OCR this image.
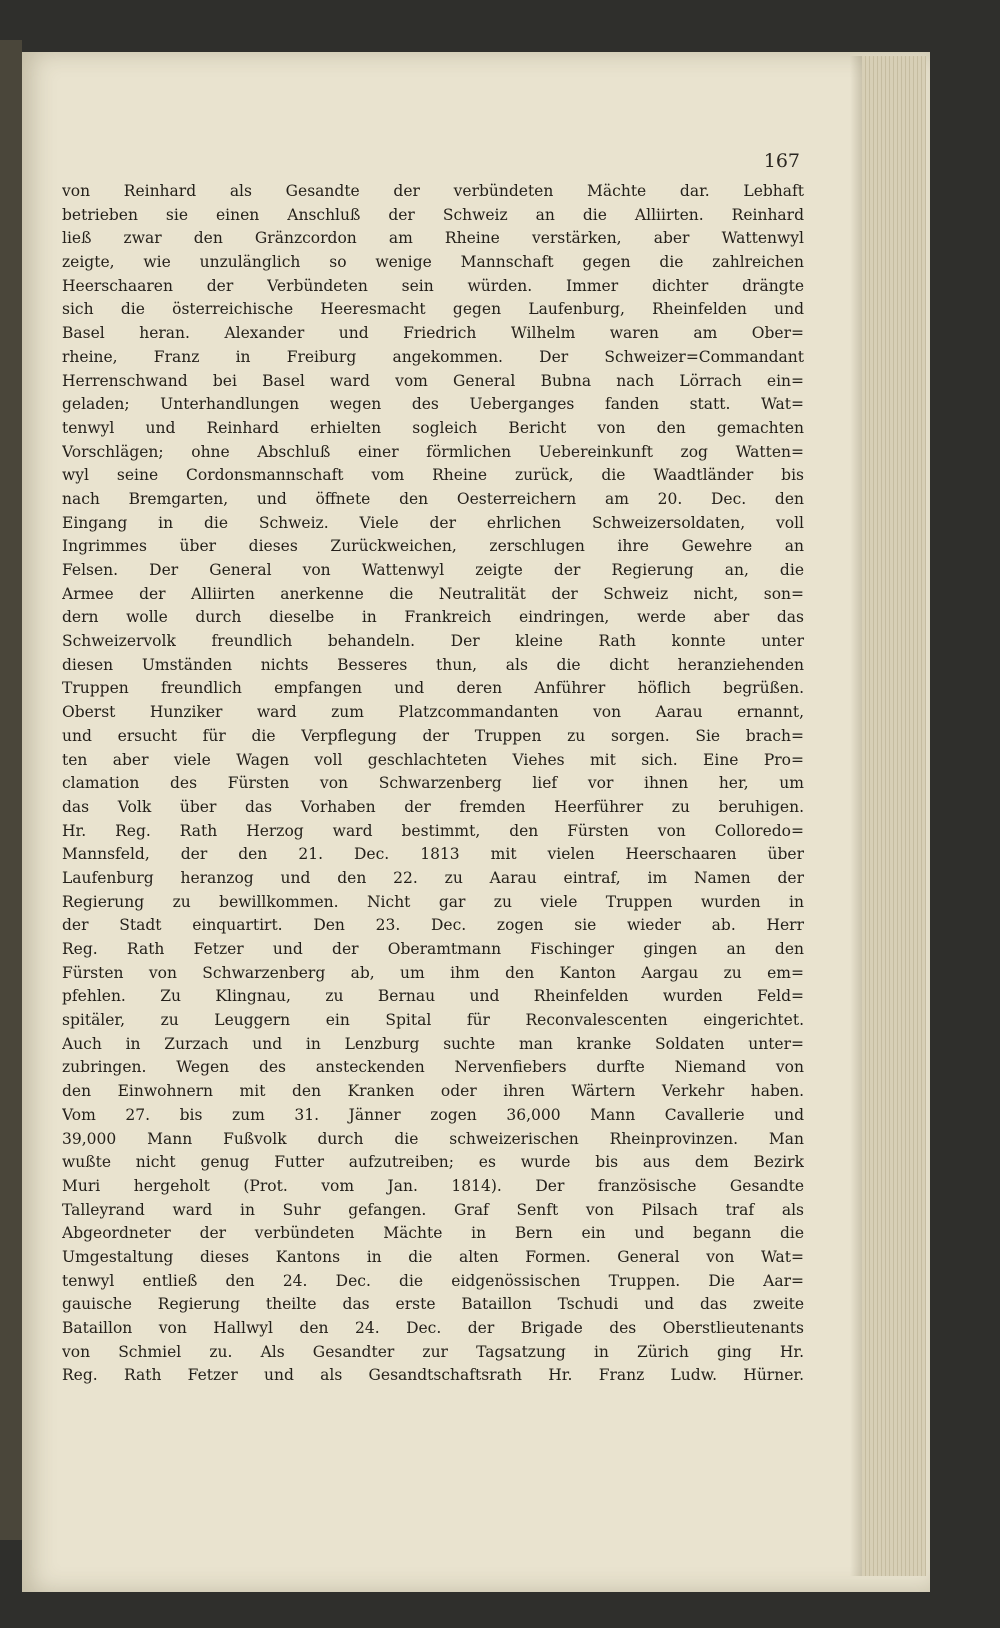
167
von Reinhard als Gesandte der verbündeten Mächte dar. Lebhaft
betrieben sie einen Anschluß der Schweiz an die Alliirten. Reinhard
ließ zwar den Gränzcordon am Rheine verstärken, aber Wattenwyl
zeigte, wie unzulänglich so wenige Mannschaft gegen die zahlreichen
Heerschaaren der Verbündeten sein würden. Immer dichter drängte
sich die österreichische Heeresmacht gegen Laufenburg, Rheinfelden und
Basel heran. Alexander und Friedrich Wilhelm waren am Ober=
rheine, Franz in Freiburg angekommen. Der Schweizer=Commandant
Herrenschwand bei Basel ward vom General Bubna nach Lörrach ein=
geladen; Unterhandlungen wegen des Ueberganges fanden statt. Wat=
tenwyl und Reinhard erhielten sogleich Bericht von den gemachten
Vorschlägen; ohne Abschluß einer förmlichen Uebereinkunft zog Watten=
wyl seine Cordonsmannschaft vom Rheine zurück, die Waadtländer bis
nach Bremgarten, und öffnete den Oesterreichern am 20. Dec. den
Eingang in die Schweiz. Viele der ehrlichen Schweizersoldaten, voll
Ingrimmes über dieses Zurückweichen, zerschlugen ihre Gewehre an
Felsen. Der General von Wattenwyl zeigte der Regierung an, die
Armee der Alliirten anerkenne die Neutralität der Schweiz nicht, son=
dern wolle durch dieselbe in Frankreich eindringen, werde aber das
Schweizervolk freundlich behandeln. Der kleine Rath konnte unter
diesen Umständen nichts Besseres thun, als die dicht heranziehenden
Truppen freundlich empfangen und deren Anführer höflich begrüßen.
Oberst Hunziker ward zum Platzcommandanten von Aarau ernannt,
und ersucht für die Verpflegung der Truppen zu sorgen. Sie brach=
ten aber viele Wagen voll geschlachteten Viehes mit sich. Eine Pro=
clamation des Fürsten von Schwarzenberg lief vor ihnen her, um
das Volk über das Vorhaben der fremden Heerführer zu beruhigen.
Hr. Reg. Rath Herzog ward bestimmt, den Fürsten von Colloredo=
Mannsfeld, der den 21. Dec. 1813 mit vielen Heerschaaren über
Laufenburg heranzog und den 22. zu Aarau eintraf, im Namen der
Regierung zu bewillkommen. Nicht gar zu viele Truppen wurden in
der Stadt einquartirt. Den 23. Dec. zogen sie wieder ab. Herr
Reg. Rath Fetzer und der Oberamtmann Fischinger gingen an den
Fürsten von Schwarzenberg ab, um ihm den Kanton Aargau zu em=
pfehlen. Zu Klingnau, zu Bernau und Rheinfelden wurden Feld=
spitäler, zu Leuggern ein Spital für Reconvalescenten eingerichtet.
Auch in Zurzach und in Lenzburg suchte man kranke Soldaten unter=
zubringen. Wegen des ansteckenden Nervenfiebers durfte Niemand von
den Einwohnern mit den Kranken oder ihren Wärtern Verkehr haben.
Vom 27. bis zum 31. Jänner zogen 36,000 Mann Cavallerie und
39,000 Mann Fußvolk durch die schweizerischen Rheinprovinzen. Man
wußte nicht genug Futter aufzutreiben; es wurde bis aus dem Bezirk
Muri hergeholt (Prot. vom Jan. 1814). Der französische Gesandte
Talleyrand ward in Suhr gefangen. Graf Senft von Pilsach traf als
Abgeordneter der verbündeten Mächte in Bern ein und begann die
Umgestaltung dieses Kantons in die alten Formen. General von Wat=
tenwyl entließ den 24. Dec. die eidgenössischen Truppen. Die Aar=
gauische Regierung theilte das erste Bataillon Tschudi und das zweite
Bataillon von Hallwyl den 24. Dec. der Brigade des Oberstlieutenants
von Schmiel zu. Als Gesandter zur Tagsatzung in Zürich ging Hr.
Reg. Rath Fetzer und als Gesandtschaftsrath Hr. Franz Ludw. Hürner.
